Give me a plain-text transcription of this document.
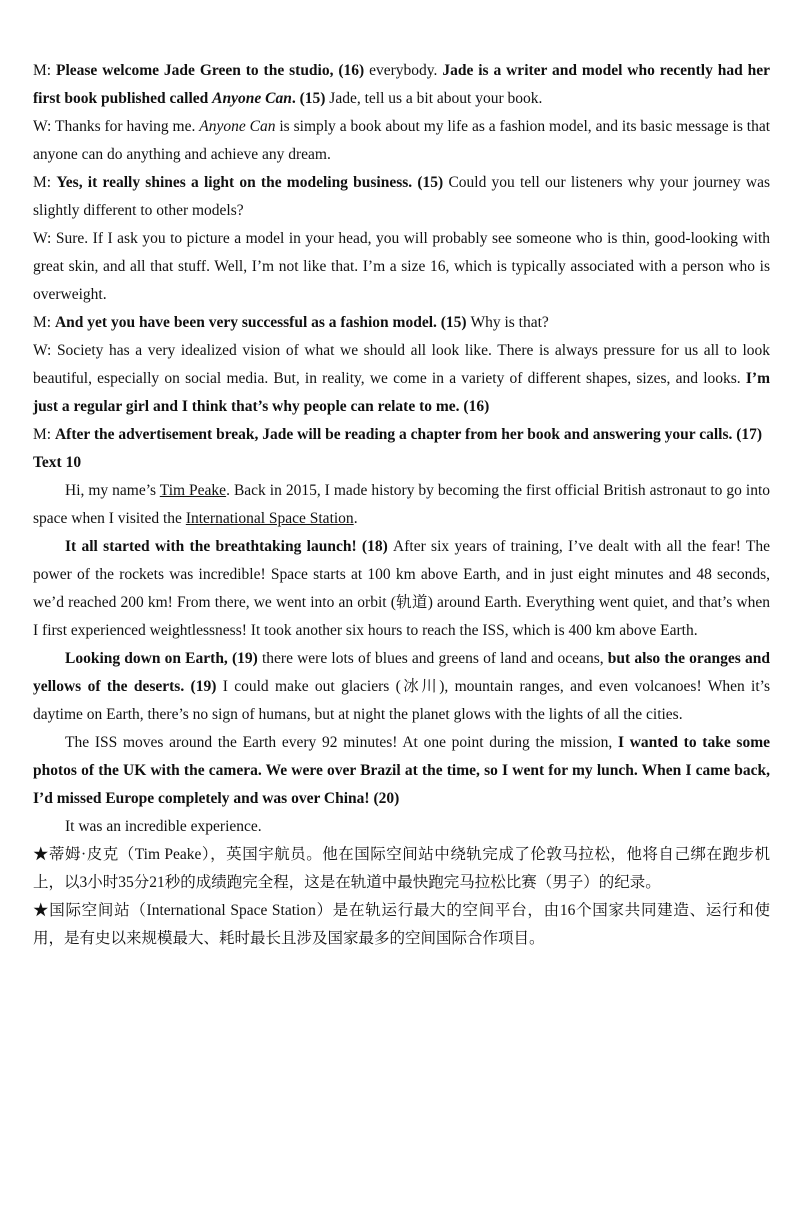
M: Please welcome Jade Green to the studio, (16) everybody. Jade is a writer and model who recently had her first book published called Anyone Can. (15) Jade, tell us a bit about your book.

W: Thanks for having me. Anyone Can is simply a book about my life as a fashion model, and its basic message is that anyone can do anything and achieve any dream.

M: Yes, it really shines a light on the modeling business. (15) Could you tell our listeners why your journey was slightly different to other models?

W: Sure. If I ask you to picture a model in your head, you will probably see someone who is thin, good-looking with great skin, and all that stuff. Well, I’m not like that. I’m a size 16, which is typically associated with a person who is overweight.

M: And yet you have been very successful as a fashion model. (15) Why is that?

W: Society has a very idealized vision of what we should all look like. There is always pressure for us all to look beautiful, especially on social media. But, in reality, we come in a variety of different shapes, sizes, and looks. I’m just a regular girl and I think that’s why people can relate to me. (16)

M: After the advertisement break, Jade will be reading a chapter from her book and answering your calls. (17)

Text 10

Hi, my name’s Tim Peake. Back in 2015, I made history by becoming the first official British astronaut to go into space when I visited the International Space Station.

It all started with the breathtaking launch! (18) After six years of training, I’ve dealt with all the fear! The power of the rockets was incredible! Space starts at 100 km above Earth, and in just eight minutes and 48 seconds, we’d reached 200 km! From there, we went into an orbit (轨道) around Earth. Everything went quiet, and that’s when I first experienced weightlessness! It took another six hours to reach the ISS, which is 400 km above Earth.

Looking down on Earth, (19) there were lots of blues and greens of land and oceans, but also the oranges and yellows of the deserts. (19) I could make out glaciers (冰川), mountain ranges, and even volcanoes! When it’s daytime on Earth, there’s no sign of humans, but at night the planet glows with the lights of all the cities.

The ISS moves around the Earth every 92 minutes! At one point during the mission, I wanted to take some photos of the UK with the camera. We were over Brazil at the time, so I went for my lunch. When I came back, I’d missed Europe completely and was over China! (20)

It was an incredible experience.

★蒂姆·皮克（Tim Peake），英国宇航员。他在国际空间站中绕轨完成了伦敦马拉松，他将自己绑在跑步机上，以3小时35分21秒的成绩跑完全程，这是在轨道中最快跑完马拉松比赛（男子）的纪录。

★国际空间站（International Space Station）是在轨运行最大的空间平台，由16个国家共同建造、运行和使用，是有史以来规模最大、耗时最长且涉及国家最多的空间国际合作项目。
